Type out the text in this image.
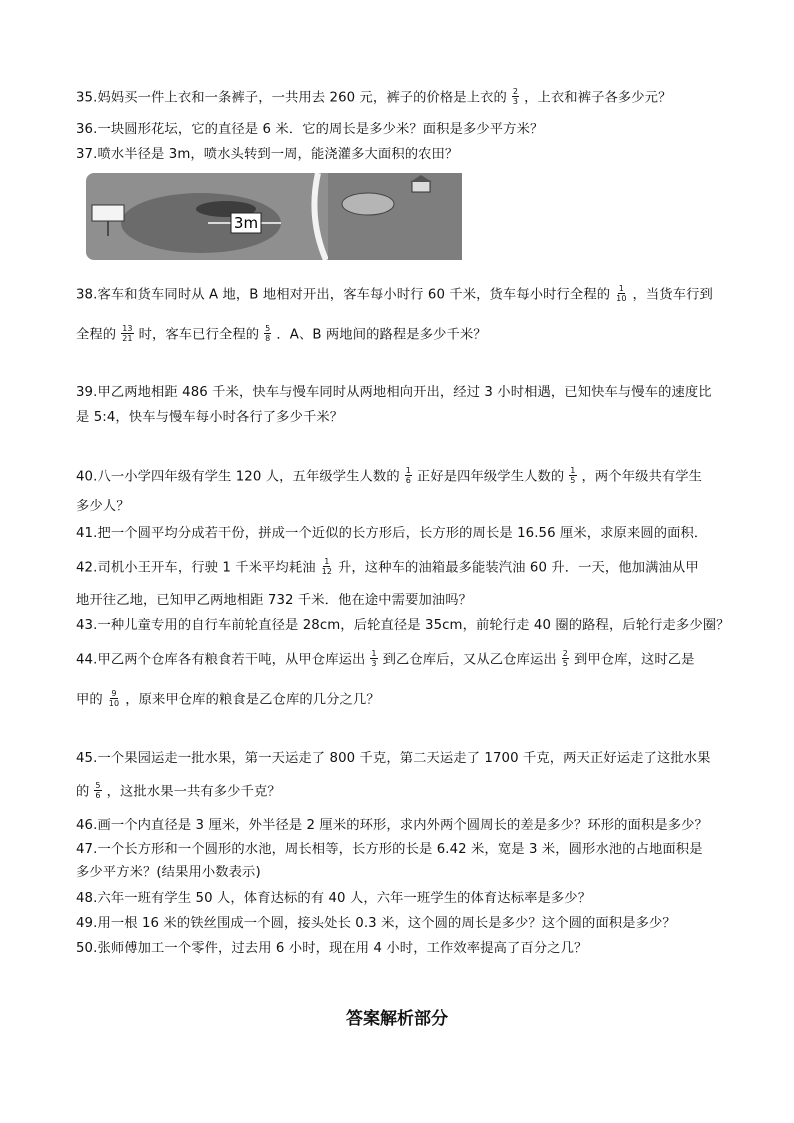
35.妈妈买一件上衣和一条裤子，一共用去 260 元，裤子的价格是上衣的 $\frac{2}{3}$ ，上衣和裤子各多少元？
36.一块圆形花坛，它的直径是 6 米．它的周长是多少米？面积是多少平方米？
37.喷水半径是 3m，喷水头转到一周，能浇灌多大面积的农田？
3m
38.客车和货车同时从 A 地，B 地相对开出，客车每小时行 60 千米，货车每小时行全程的 $\frac{1}{10}$ ，当货车行到
全程的 $\frac{13}{21}$ 时，客车已行全程的 $\frac{5}{8}$ ．A、B 两地间的路程是多少千米？
39.甲乙两地相距 486 千米，快车与慢车同时从两地相向开出，经过 3 小时相遇，已知快车与慢车的速度比
是 5:4，快车与慢车每小时各行了多少千米？
40.八一小学四年级有学生 120 人，五年级学生人数的 $\frac{1}{6}$ 正好是四年级学生人数的 $\frac{1}{5}$ ，两个年级共有学生
多少人？
41.把一个圆平均分成若干份，拼成一个近似的长方形后，长方形的周长是 16.56 厘米，求原来圆的面积．
42.司机小王开车，行驶 1 千米平均耗油 $\frac{1}{12}$ 升，这种车的油箱最多能装汽油 60 升．一天，他加满油从甲
地开往乙地，已知甲乙两地相距 732 千米．他在途中需要加油吗？
43.一种儿童专用的自行车前轮直径是 28cm，后轮直径是 35cm，前轮行走 40 圈的路程，后轮行走多少圈？
44.甲乙两个仓库各有粮食若干吨，从甲仓库运出 $\frac{1}{3}$ 到乙仓库后，又从乙仓库运出 $\frac{2}{5}$ 到甲仓库，这时乙是
甲的 $\frac{9}{10}$ ，原来甲仓库的粮食是乙仓库的几分之几？
45.一个果园运走一批水果，第一天运走了 800 千克，第二天运走了 1700 千克，两天正好运走了这批水果
的 $\frac{5}{6}$ ，这批水果一共有多少千克？
46.画一个内直径是 3 厘米，外半径是 2 厘米的环形，求内外两个圆周长的差是多少？环形的面积是多少？
47.一个长方形和一个圆形的水池，周长相等，长方形的长是 6.42 米，宽是 3 米，圆形水池的占地面积是
多少平方米？(结果用小数表示)
48.六年一班有学生 50 人，体育达标的有 40 人，六年一班学生的体育达标率是多少？
49.用一根 16 米的铁丝围成一个圆，接头处长 0.3 米，这个圆的周长是多少？这个圆的面积是多少？
50.张师傅加工一个零件，过去用 6 小时，现在用 4 小时，工作效率提高了百分之几？
答案解析部分
